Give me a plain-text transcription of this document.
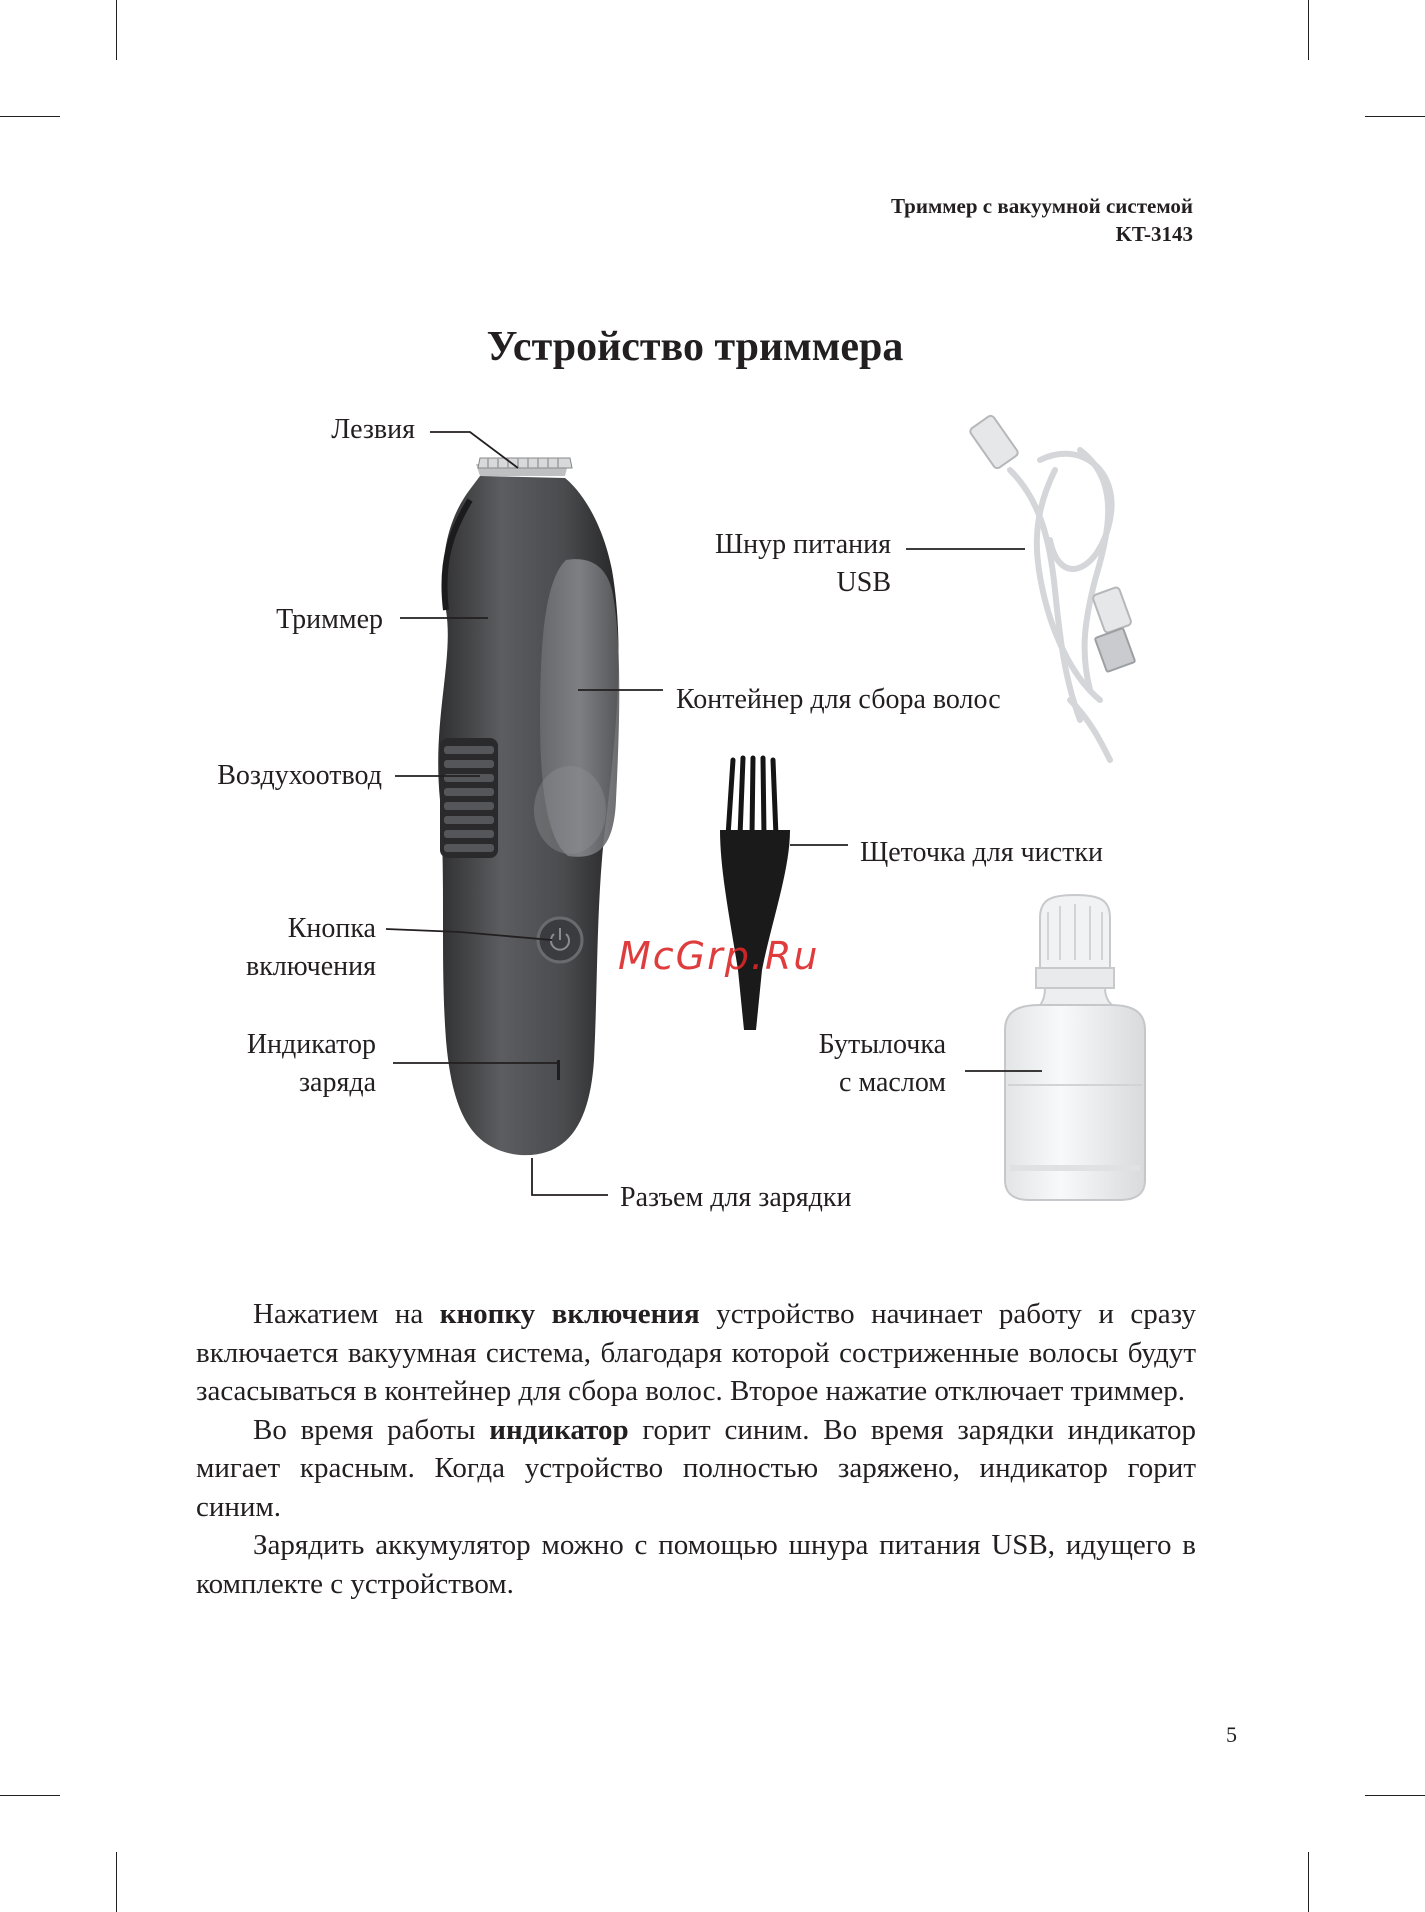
Триммер с вакуумной системой
KT-3143
Устройство триммера
Лезвия
Триммер
Воздухоотвод
Кнопка
включения
Индикатор
заряда
Шнур питания
USB
Контейнер для сбора волос
Щеточка для чистки
Бутылочка
с маслом
Разъем для зарядки
McGrp.Ru

Нажатием на кнопку включения устройство начинает работу и сразу включается вакуумная система, благодаря которой состриженные волосы будут засасываться в контейнер для сбора волос. Второе нажатие отключает триммер.

Во время работы индикатор горит синим. Во время зарядки индикатор мигает красным. Когда устройство полностью заряжено, индикатор горит синим.

Зарядить аккумулятор можно с помощью шнура питания USB, идущего в комплекте с устройством.

5
